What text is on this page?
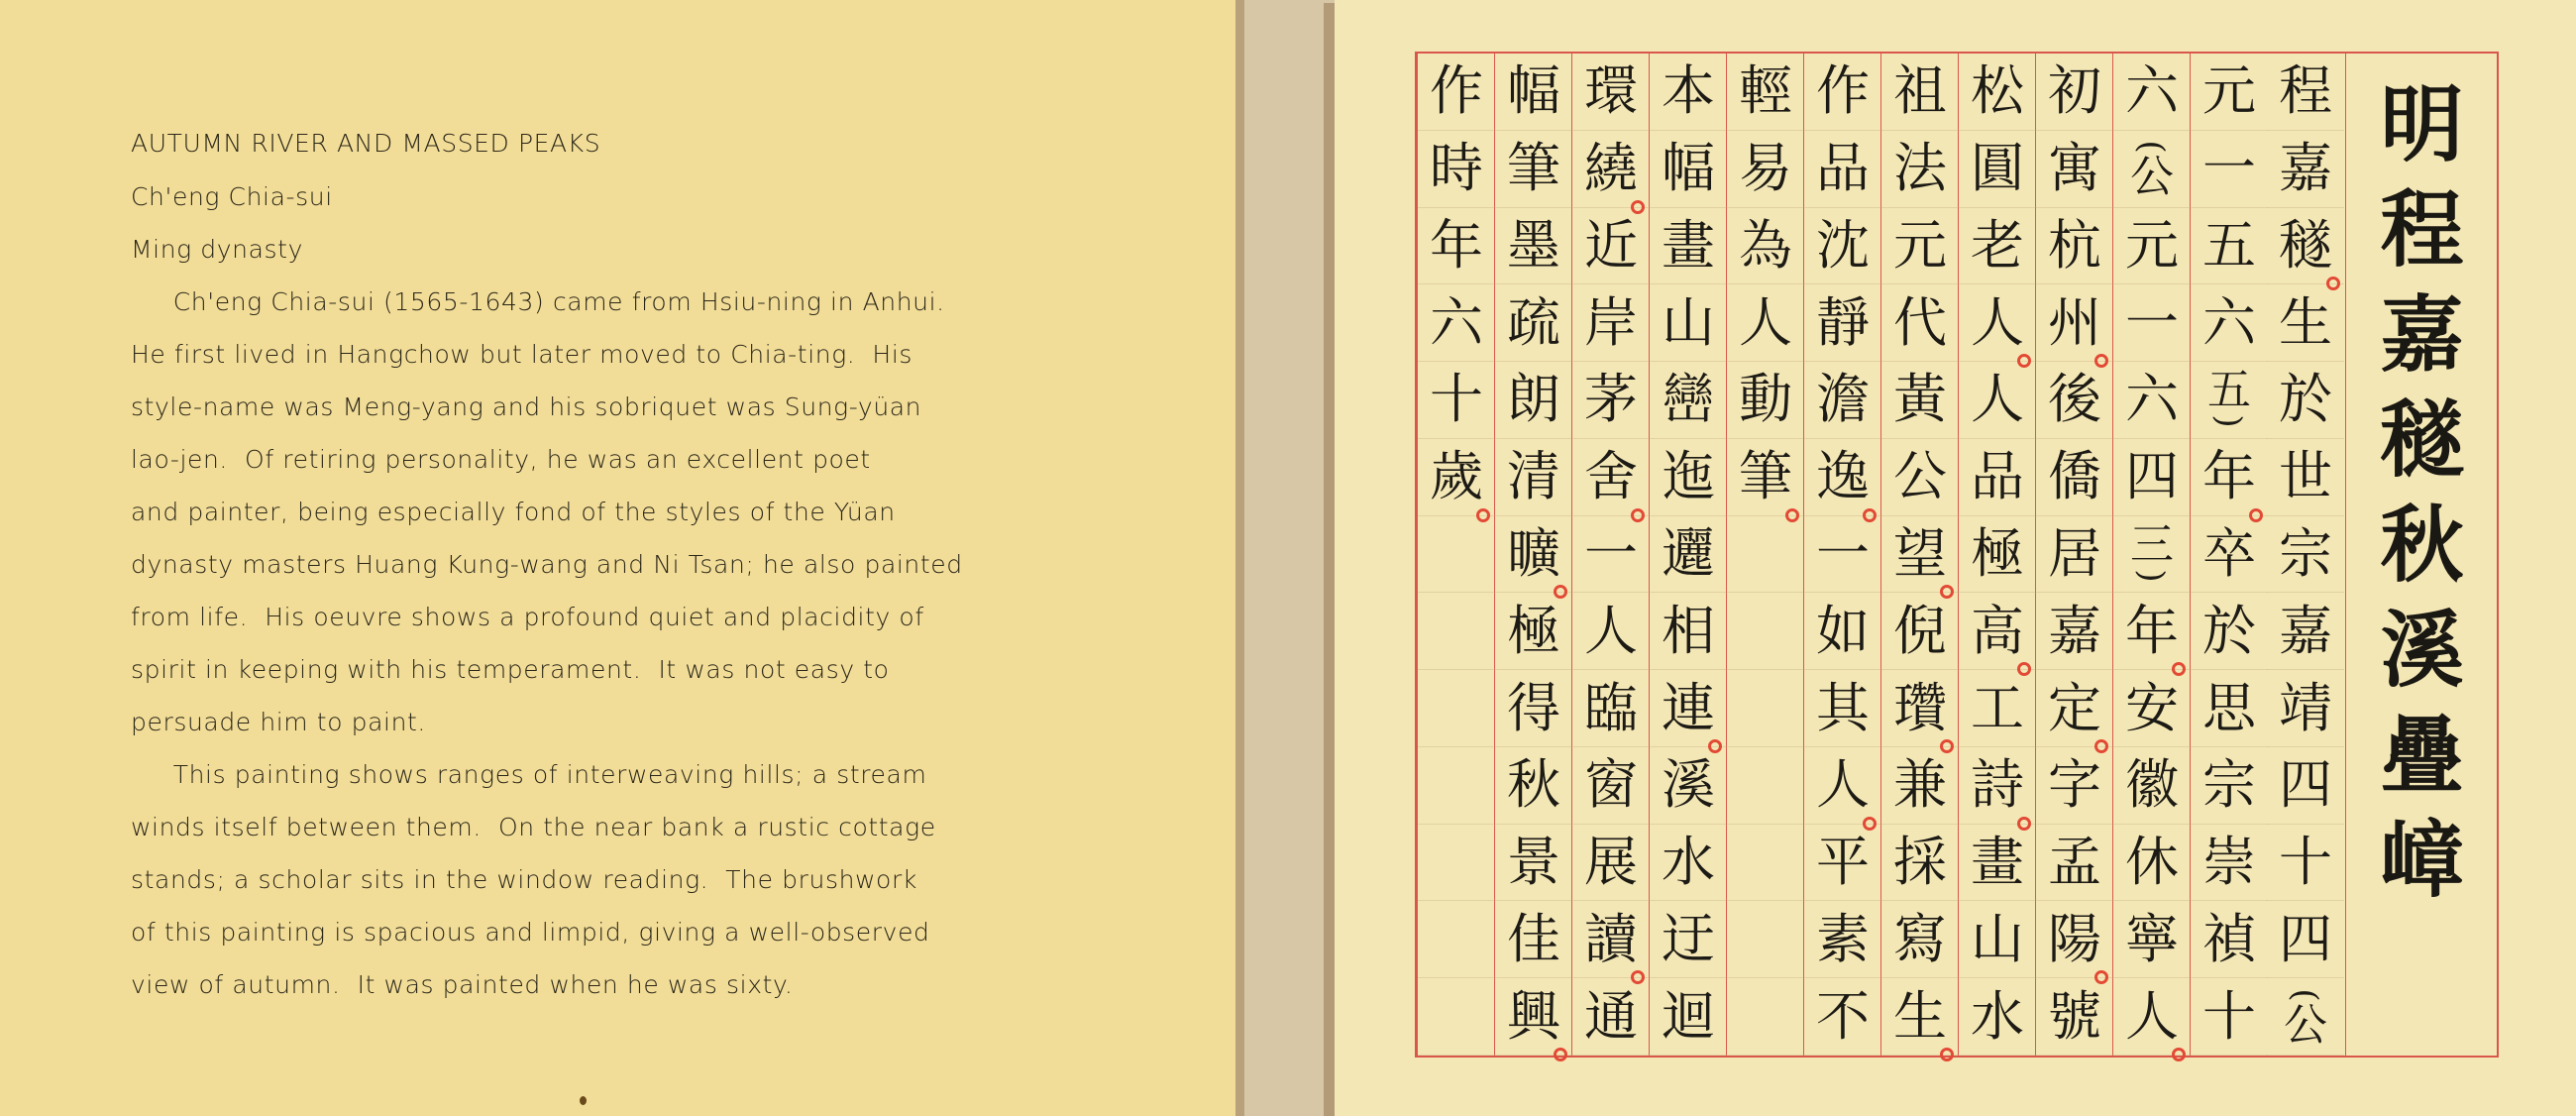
AUTUMN RIVER AND MASSED PEAKS
Ch'eng Chia-sui
Ming dynasty
Ch'eng Chia-sui (1565-1643) came from Hsiu-ning in Anhui.
He first lived in Hangchow but later moved to Chia-ting.  His
style-name was Meng-yang and his sobriquet was Sung-yüan
lao-jen.  Of retiring personality, he was an excellent poet
and painter, being especially fond of the styles of the Yüan
dynasty masters Huang Kung-wang and Ni Tsan; he also painted
from life.  His oeuvre shows a profound quiet and placidity of
spirit in keeping with his temperament.  It was not easy to
persuade him to paint.
This painting shows ranges of interweaving hills; a stream
winds itself between them.  On the near bank a rustic cottage
stands; a scholar sits in the window reading.  The brushwork
of this painting is spacious and limpid, giving a well-observed
view of autumn.  It was painted when he was sixty.
程
嘉
穟
生
於
世
宗
嘉
靖
四
十
四
(
公
元
一
五
六
五
)
年
卒
於
思
宗
崇
禎
十
六
(
公
元
一
六
四
三
)
年
安
徽
休
寧
人
初
寓
杭
州
後
僑
居
嘉
定
字
孟
陽
號
松
圓
老
人
人
品
極
高
工
詩
畫
山
水
祖
法
元
代
黃
公
望
倪
瓚
兼
採
寫
生
作
品
沈
靜
澹
逸
一
如
其
人
平
素
不
輕
易
為
人
動
筆
本
幅
畫
山
巒
迤
邐
相
連
溪
水
迂
迴
環
繞
近
岸
茅
舍
一
人
臨
窗
展
讀
通
幅
筆
墨
疏
朗
清
曠
極
得
秋
景
佳
興
作
時
年
六
十
歲
明
程
嘉
穟
秋
溪
疊
嶂
